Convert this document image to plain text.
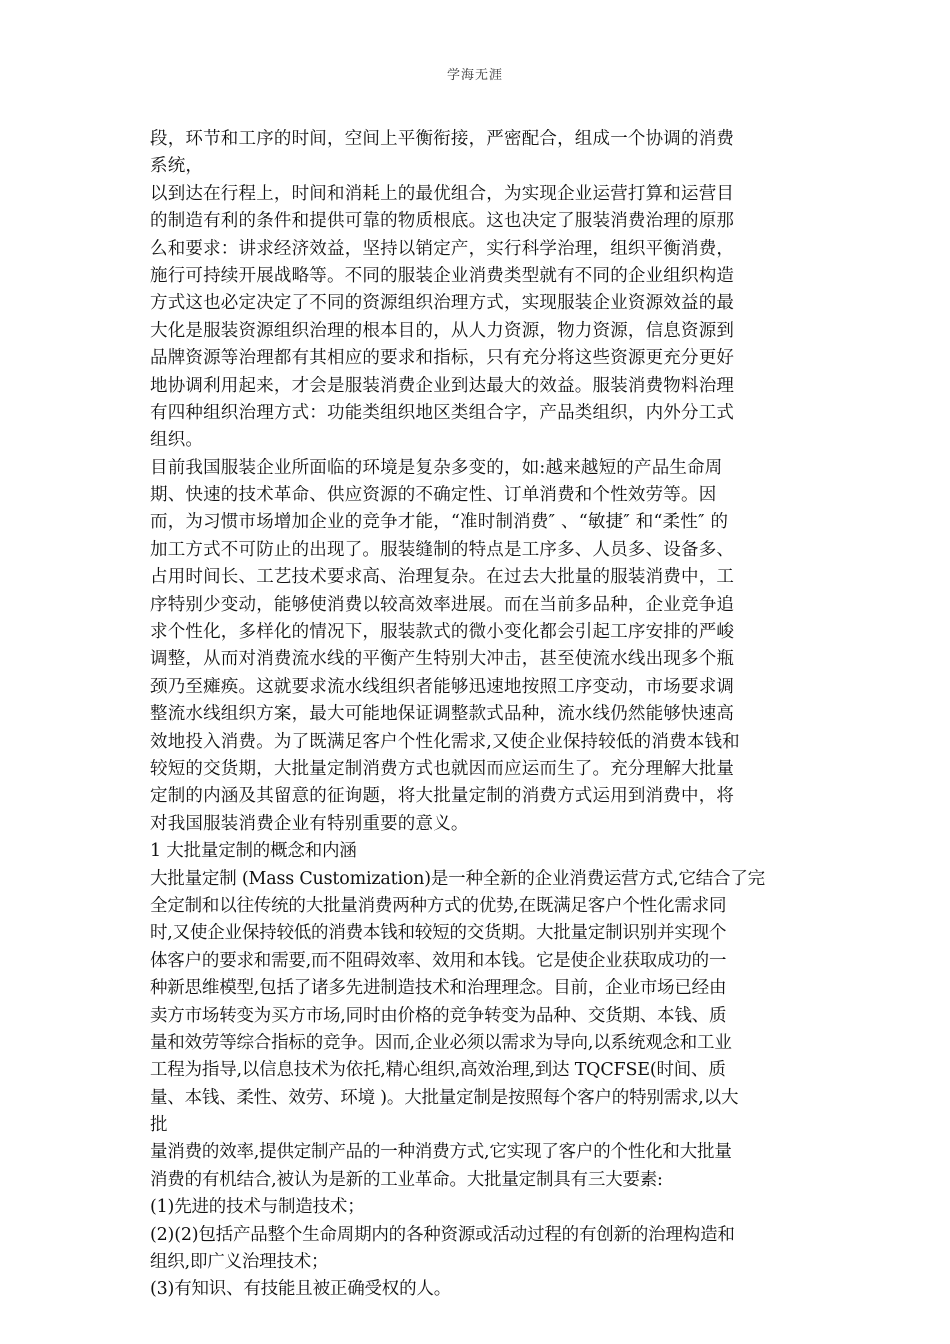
学海无涯
段，环节和工序的时间，空间上平衡衔接，严密配合，组成一个协调的消费
系统，
以到达在行程上，时间和消耗上的最优组合，为实现企业运营打算和运营目
的制造有利的条件和提供可靠的物质根底。这也决定了服装消费治理的原那
么和要求：讲求经济效益，坚持以销定产，实行科学治理，组织平衡消费，
施行可持续开展战略等。不同的服装企业消费类型就有不同的企业组织构造
方式这也必定决定了不同的资源组织治理方式，实现服装企业资源效益的最
大化是服装资源组织治理的根本目的，从人力资源，物力资源，信息资源到
品牌资源等治理都有其相应的要求和指标，只有充分将这些资源更充分更好
地协调利用起来，才会是服装消费企业到达最大的效益。服装消费物料治理
有四种组织治理方式：功能类组织地区类组合字，产品类组织，内外分工式
组织。
目前我国服装企业所面临的环境是复杂多变的，如:越来越短的产品生命周
期、快速的技术革命、供应资源的不确定性、订单消费和个性效劳等。因
而，为习惯市场增加企业的竞争才能，“准时制消费″ 、“敏捷″ 和“柔性″ 的
加工方式不可防止的出现了。服装缝制的特点是工序多、人员多、设备多、
占用时间长、工艺技术要求高、治理复杂。在过去大批量的服装消费中，工
序特别少变动，能够使消费以较高效率进展。而在当前多品种，企业竞争追
求个性化，多样化的情况下，服装款式的微小变化都会引起工序安排的严峻
调整，从而对消费流水线的平衡产生特别大冲击，甚至使流水线出现多个瓶
颈乃至瘫痪。这就要求流水线组织者能够迅速地按照工序变动，市场要求调
整流水线组织方案，最大可能地保证调整款式品种，流水线仍然能够快速高
效地投入消费。为了既满足客户个性化需求,又使企业保持较低的消费本钱和
较短的交货期，大批量定制消费方式也就因而应运而生了。充分理解大批量
定制的内涵及其留意的征询题，将大批量定制的消费方式运用到消费中，将
对我国服装消费企业有特别重要的意义。
1 大批量定制的概念和内涵
大批量定制 (Mass Customization)是一种全新的企业消费运营方式,它结合了完
全定制和以往传统的大批量消费两种方式的优势,在既满足客户个性化需求同
时,又使企业保持较低的消费本钱和较短的交货期。大批量定制识别并实现个
体客户的要求和需要,而不阻碍效率、效用和本钱。它是使企业获取成功的一
种新思维模型,包括了诸多先进制造技术和治理理念。目前，企业市场已经由
卖方市场转变为买方市场,同时由价格的竞争转变为品种、交货期、本钱、质
量和效劳等综合指标的竞争。因而,企业必须以需求为导向,以系统观念和工业
工程为指导,以信息技术为依托,精心组织,高效治理,到达 TQCFSE(时间、质
量、本钱、柔性、效劳、环境 )。大批量定制是按照每个客户的特别需求,以大
批
量消费的效率,提供定制产品的一种消费方式,它实现了客户的个性化和大批量
消费的有机结合,被认为是新的工业革命。大批量定制具有三大要素:
(1)先进的技术与制造技术；
(2)(2)包括产品整个生命周期内的各种资源或活动过程的有创新的治理构造和
组织,即广义治理技术；
(3)有知识、有技能且被正确受权的人。
